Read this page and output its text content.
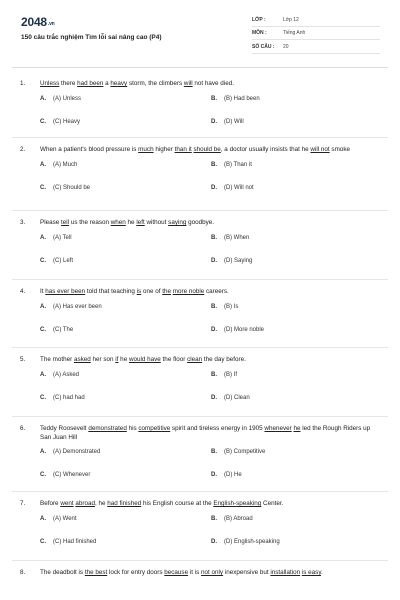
$2048^{.vn}$
150 câu trắc nghiệm Tìm lỗi sai nâng cao (P4)
LỚP :	Lớp 12
MÔN :	Tiếng Anh
SỐ CÂU : 20
1. Unless there had been a heavy storm, the climbers will not have died.
A. (A) Unless	B. (B) Had been
C. (C) Heavy	D. (D) Will
2. When a patient's blood pressure is much higher than it should be, a doctor usually insists that he will not smoke
A. (A) Much	B. (B) Than it
C. (C) Should be	D. (D) Will not
3. Please tell us the reason when he left without saying goodbye.
A. (A) Tell	B. (B) When
C. (C) Left	D. (D) Saying
4. It has ever been told that teaching is one of the more noble careers.
A. (A) Has ever been	B. (B) Is
C. (C) The	D. (D) More noble
5. The mother asked her son if he would have the floor clean the day before.
A. (A) Asked	B. (B) If
C. (C) had had	D. (D) Clean
6. Teddy Roosevelt demonstrated his competitive spirit and tireless energy in 1905 whenever he led the Rough Riders up San Juan Hill
A. (A) Demonstrated	B. (B) Competitive
C. (C) Whenever	D. (D) He
7. Before went abroad, he had finished his English course at the English-speaking Center.
A. (A) Went	B. (B) Abroad
C. (C) Had finished	D. (D) English-speaking
8. The deadbolt is the best lock for entry doors because it is not only inexpensive but installation is easy.
